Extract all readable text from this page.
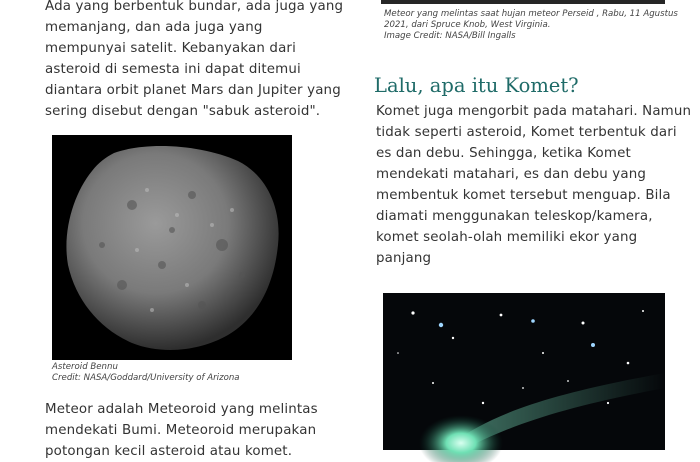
Ada yang berbentuk bundar, ada juga yang memanjang, dan ada juga yang mempunyai satelit. Kebanyakan dari asteroid di semesta ini dapat ditemui diantara orbit planet Mars dan Jupiter yang sering disebut dengan "sabuk asteroid".

Asteroid Bennu
Credit: NASA/Goddard/University of Arizona

Meteor adalah Meteoroid yang melintas mendekati Bumi. Meteoroid merupakan potongan kecil asteroid atau komet.

Meteor yang melintas saat hujan meteor Perseid , Rabu, 11 Agustus 2021, dari Spruce Knob, West Virginia.
Image Credit: NASA/Bill Ingalls
Lalu, apa itu Komet?

Komet juga mengorbit pada matahari. Namun tidak seperti asteroid, Komet terbentuk dari es dan debu. Sehingga, ketika Komet mendekati matahari, es dan debu yang membentuk komet tersebut menguap. Bila diamati menggunakan teleskop/kamera, komet seolah-olah memiliki ekor yang panjang
